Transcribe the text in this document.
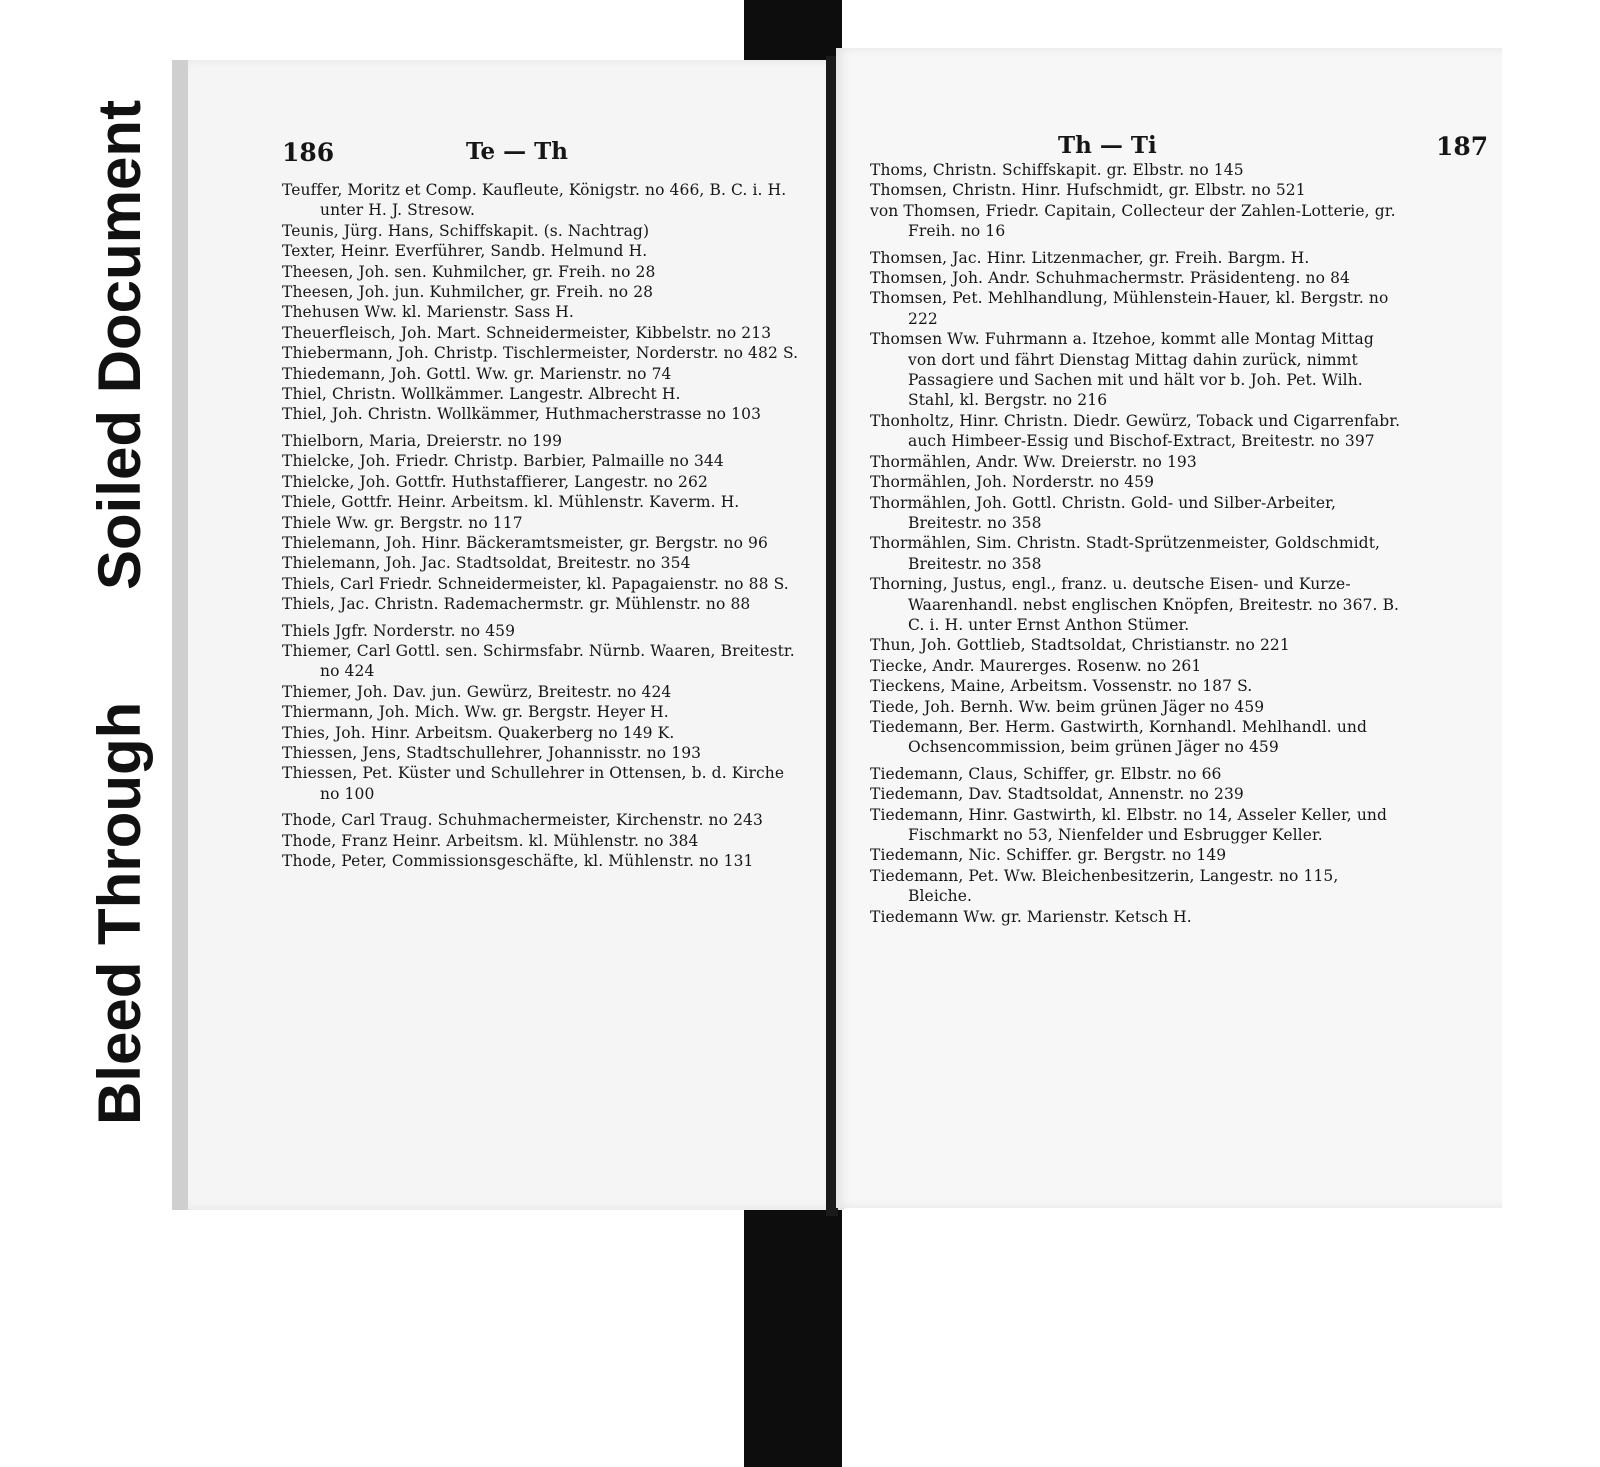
Bleed Through
Soiled Document	186	Te — Th
Teuffer, Moritz et Comp. Kaufleute, Königstr. no 466, B. C. i. H. unter H. J. Stresow.
Teunis, Jürg. Hans, Schiffskapit. (s. Nachtrag)
Texter, Heinr. Everführer, Sandb. Helmund H.
Theesen, Joh. sen. Kuhmilcher, gr. Freih. no 28
Theesen, Joh. jun. Kuhmilcher, gr. Freih. no 28
Thehusen Ww. kl. Marienstr. Sass H.
Theuerfleisch, Joh. Mart. Schneidermeister, Kibbelstr. no 213
Thiebermann, Joh. Christp. Tischlermeister, Norderstr. no 482 S.
Thiedemann, Joh. Gottl. Ww. gr. Marienstr. no 74
Thiel, Christn. Wollkämmer. Langestr. Albrecht H.
Thiel, Joh. Christn. Wollkämmer, Huthmacherstrasse no 103
Thielborn, Maria, Dreierstr. no 199
Thielcke, Joh. Friedr. Christp. Barbier, Palmaille no 344
Thielcke, Joh. Gottfr. Huthstaffierer, Langestr. no 262
Thiele, Gottfr. Heinr. Arbeitsm. kl. Mühlenstr. Kaverm. H.
Thiele Ww. gr. Bergstr. no 117
Thielemann, Joh. Hinr. Bäckeramtsmeister, gr. Bergstr. no 96
Thielemann, Joh. Jac. Stadtsoldat, Breitestr. no 354
Thiels, Carl Friedr. Schneidermeister, kl. Papagaienstr. no 88 S.
Thiels, Jac. Christn. Rademachermstr. gr. Mühlenstr. no 88
Thiels Jgfr. Norderstr. no 459
Thiemer, Carl Gottl. sen. Schirmsfabr. Nürnb. Waaren, Breitestr. no 424
Thiemer, Joh. Dav. jun. Gewürz, Breitestr. no 424
Thiermann, Joh. Mich. Ww. gr. Bergstr. Heyer H.
Thies, Joh. Hinr. Arbeitsm. Quakerberg no 149 K.
Thiessen, Jens, Stadtschullehrer, Johannisstr. no 193
Thiessen, Pet. Küster und Schullehrer in Ottensen, b. d. Kirche no 100
Thode, Carl Traug. Schuhmachermeister, Kirchenstr. no 243
Thode, Franz Heinr. Arbeitsm. kl. Mühlenstr. no 384
Thode, Peter, Commissionsgeschäfte, kl. Mühlenstr. no 131
Th — Ti	187
Thoms, Christn. Schiffskapit. gr. Elbstr. no 145
Thomsen, Christn. Hinr. Hufschmidt, gr. Elbstr. no 521
von Thomsen, Friedr. Capitain, Collecteur der Zahlen-Lotterie, gr. Freih. no 16
Thomsen, Jac. Hinr. Litzenmacher, gr. Freih. Bargm. H.
Thomsen, Joh. Andr. Schuhmachermstr. Präsidenteng. no 84
Thomsen, Pet. Mehlhandlung, Mühlenstein-Hauer, kl. Bergstr. no 222
Thomsen Ww. Fuhrmann a. Itzehoe, kommt alle Montag Mittag von dort und fährt Dienstag Mittag dahin zurück, nimmt Passagiere und Sachen mit und hält vor b. Joh. Pet. Wilh. Stahl, kl. Bergstr. no 216
Thonholtz, Hinr. Christn. Diedr. Gewürz, Toback und Cigarrenfabr. auch Himbeer-Essig und Bischof-Extract, Breitestr. no 397
Thormählen, Andr. Ww. Dreierstr. no 193
Thormählen, Joh. Norderstr. no 459
Thormählen, Joh. Gottl. Christn. Gold- und Silber-Arbeiter, Breitestr. no 358
Thormählen, Sim. Christn. Stadt-Sprützenmeister, Goldschmidt, Breitestr. no 358
Thorning, Justus, engl., franz. u. deutsche Eisen- und Kurze-Waarenhandl. nebst englischen Knöpfen, Breitestr. no 367. B. C. i. H. unter Ernst Anthon Stümer.
Thun, Joh. Gottlieb, Stadtsoldat, Christianstr. no 221
Tiecke, Andr. Maurerges. Rosenw. no 261
Tieckens, Maine, Arbeitsm. Vossenstr. no 187 S.
Tiede, Joh. Bernh. Ww. beim grünen Jäger no 459
Tiedemann, Ber. Herm. Gastwirth, Kornhandl. Mehlhandl. und Ochsencommission, beim grünen Jäger no 459
Tiedemann, Claus, Schiffer, gr. Elbstr. no 66
Tiedemann, Dav. Stadtsoldat, Annenstr. no 239
Tiedemann, Hinr. Gastwirth, kl. Elbstr. no 14, Asseler Keller, und Fischmarkt no 53, Nienfelder und Esbrugger Keller.
Tiedemann, Nic. Schiffer. gr. Bergstr. no 149
Tiedemann, Pet. Ww. Bleichenbesitzerin, Langestr. no 115, Bleiche.
Tiedemann Ww. gr. Marienstr. Ketsch H.
